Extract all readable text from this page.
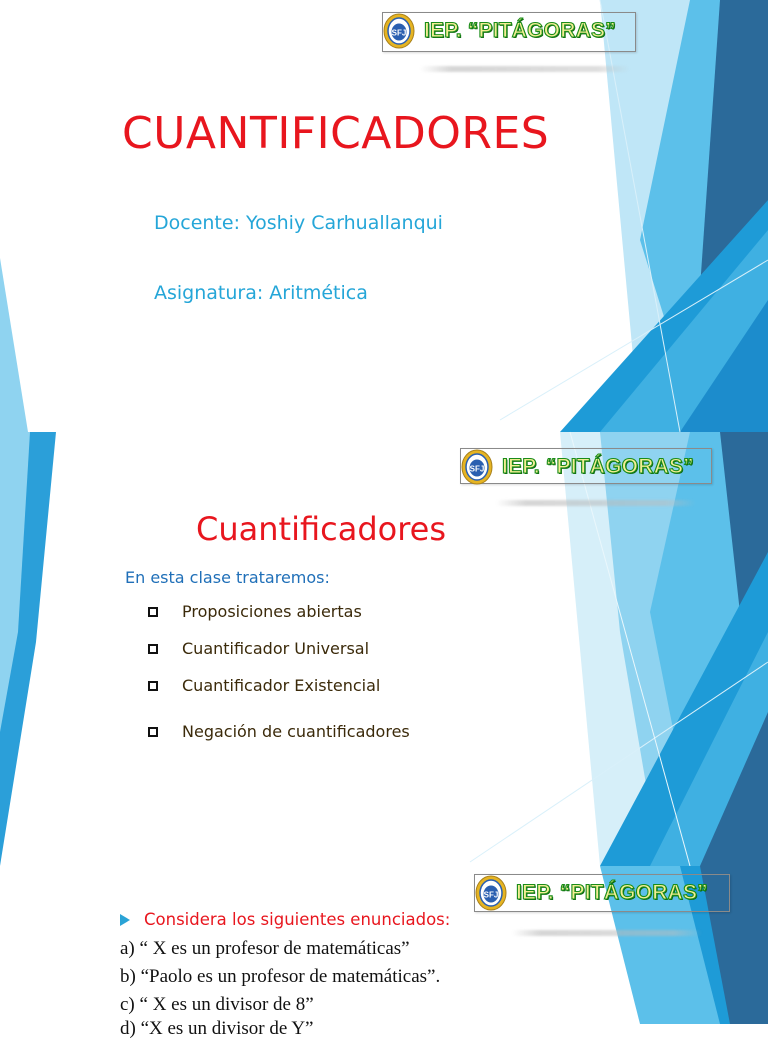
SFJ IEP. “PITÁGORAS”
CUANTIFICADORES
Docente: Yoshiy Carhuallanqui
Asignatura: Aritmética
SFJ IEP. “PITÁGORAS”
Cuantificadores
En esta clase trataremos:
Proposiciones abiertas
Cuantificador Universal
Cuantificador Existencial
Negación de cuantificadores
SFJ IEP. “PITÁGORAS”
Considera los siguientes enunciados:
a) “ X es un profesor de matemáticas”
b) “Paolo es un profesor de matemáticas”.
c) “ X es un divisor de 8”
d) “X es un divisor de Y”
